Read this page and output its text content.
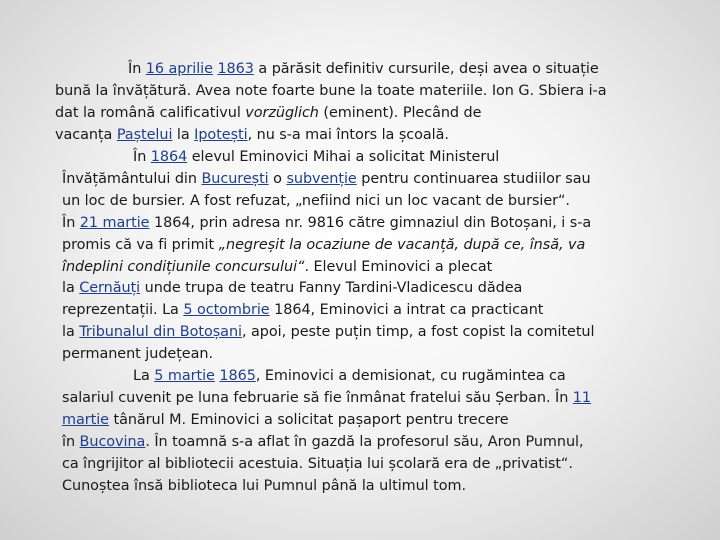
În 16 aprilie 1863 a părăsit definitiv cursurile, deși avea o situație
bună la învățătură. Avea note foarte bune la toate materiile. Ion G. Sbiera i-a
dat la română calificativul vorzüglich (eminent). Plecând de
vacanța Paștelui la Ipotești, nu s-a mai întors la școală.
În 1864 elevul Eminovici Mihai a solicitat Ministerul
Învățământului din București o subvenție pentru continuarea studiilor sau
un loc de bursier. A fost refuzat, „nefiind nici un loc vacant de bursier“.
În 21 martie 1864, prin adresa nr. 9816 către gimnaziul din Botoșani, i s-a
promis că va fi primit „negreșit la ocaziune de vacanță, după ce, însă, va
îndeplini condițiunile concursului“. Elevul Eminovici a plecat
la Cernăuți unde trupa de teatru Fanny Tardini-Vladicescu dădea
reprezentații. La 5 octombrie 1864, Eminovici a intrat ca practicant
la Tribunalul din Botoșani, apoi, peste puțin timp, a fost copist la comitetul
permanent județean.
La 5 martie 1865, Eminovici a demisionat, cu rugămintea ca
salariul cuvenit pe luna februarie să fie înmânat fratelui său Șerban. În 11
martie tânărul M. Eminovici a solicitat pașaport pentru trecere
în Bucovina. În toamnă s-a aflat în gazdă la profesorul său, Aron Pumnul,
ca îngrijitor al bibliotecii acestuia. Situația lui școlară era de „privatist“.
Cunoștea însă biblioteca lui Pumnul până la ultimul tom.
